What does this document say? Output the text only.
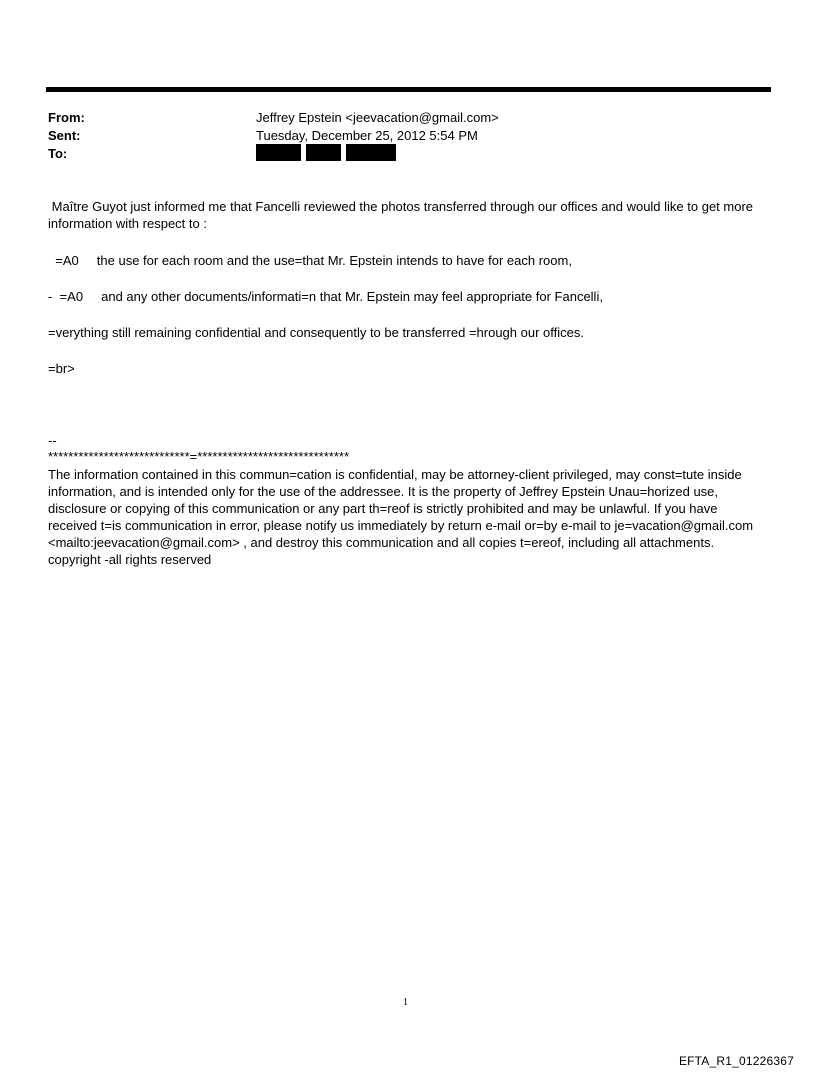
From:	Jeffrey Epstein <jeevacation@gmail.com>
Sent:	Tuesday, December 25, 2012 5:54 PM
To:	;
Maître Guyot just informed me that Fancelli reviewed the photos transferred through our offices and would like to get more information with respect to :
=A0     the use for each room and the use=that Mr. Epstein intends to have for each room,
-  =A0     and any other documents/informati=n that Mr. Epstein may feel appropriate for Fancelli,
=verything still remaining confidential and consequently to be transferred =hrough our offices.
=br>
--
****************************=******************************
The information contained in this commun=cation is confidential, may be attorney-client privileged, may const=tute inside information, and is intended only for the use of the addressee. It is the property of Jeffrey Epstein Unau=horized use, disclosure or copying of this communication or any part th=reof is strictly prohibited and may be unlawful. If you have received t=is communication in error, please notify us immediately by return e-mail or=by e-mail to je=vacation@gmail.com <mailto:jeevacation@gmail.com> , and destroy this communication and all copies t=ereof, including all attachments. copyright -all rights reserved
1
EFTA_R1_01226367
